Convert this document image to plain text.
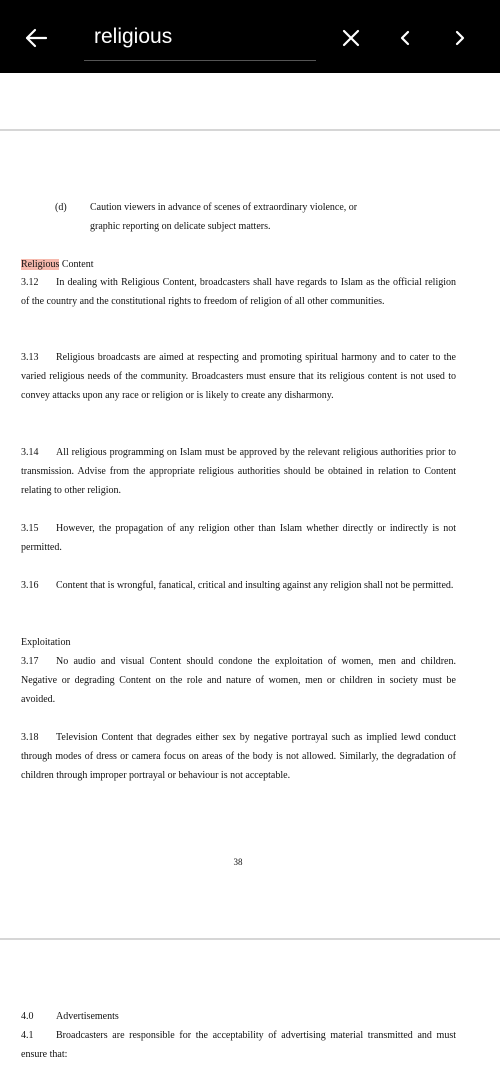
religious
(d) Caution viewers in advance of scenes of extraordinary violence, or
graphic reporting on delicate subject matters.
Religious Content
3.12 In dealing with Religious Content, broadcasters shall have regards to Islam as the official religion of the country and the constitutional rights to freedom of religion of all other communities.
3.13 Religious broadcasts are aimed at respecting and promoting spiritual harmony and to cater to the varied religious needs of the community. Broadcasters must ensure that its religious content is not used to convey attacks upon any race or religion or is likely to create any disharmony.
3.14 All religious programming on Islam must be approved by the relevant religious authorities prior to transmission. Advise from the appropriate religious authorities should be obtained in relation to Content relating to other religion.
3.15 However, the propagation of any religion other than Islam whether directly or indirectly is not permitted.
3.16 Content that is wrongful, fanatical, critical and insulting against any religion shall not be permitted.
Exploitation
3.17 No audio and visual Content should condone the exploitation of women, men and children. Negative or degrading Content on the role and nature of women, men or children in society must be avoided.
3.18 Television Content that degrades either sex by negative portrayal such as implied lewd conduct through modes of dress or camera focus on areas of the body is not allowed. Similarly, the degradation of children through improper portrayal or behaviour is not acceptable.
38
4.0 Advertisements
4.1 Broadcasters are responsible for the acceptability of advertising material transmitted and must ensure that:
